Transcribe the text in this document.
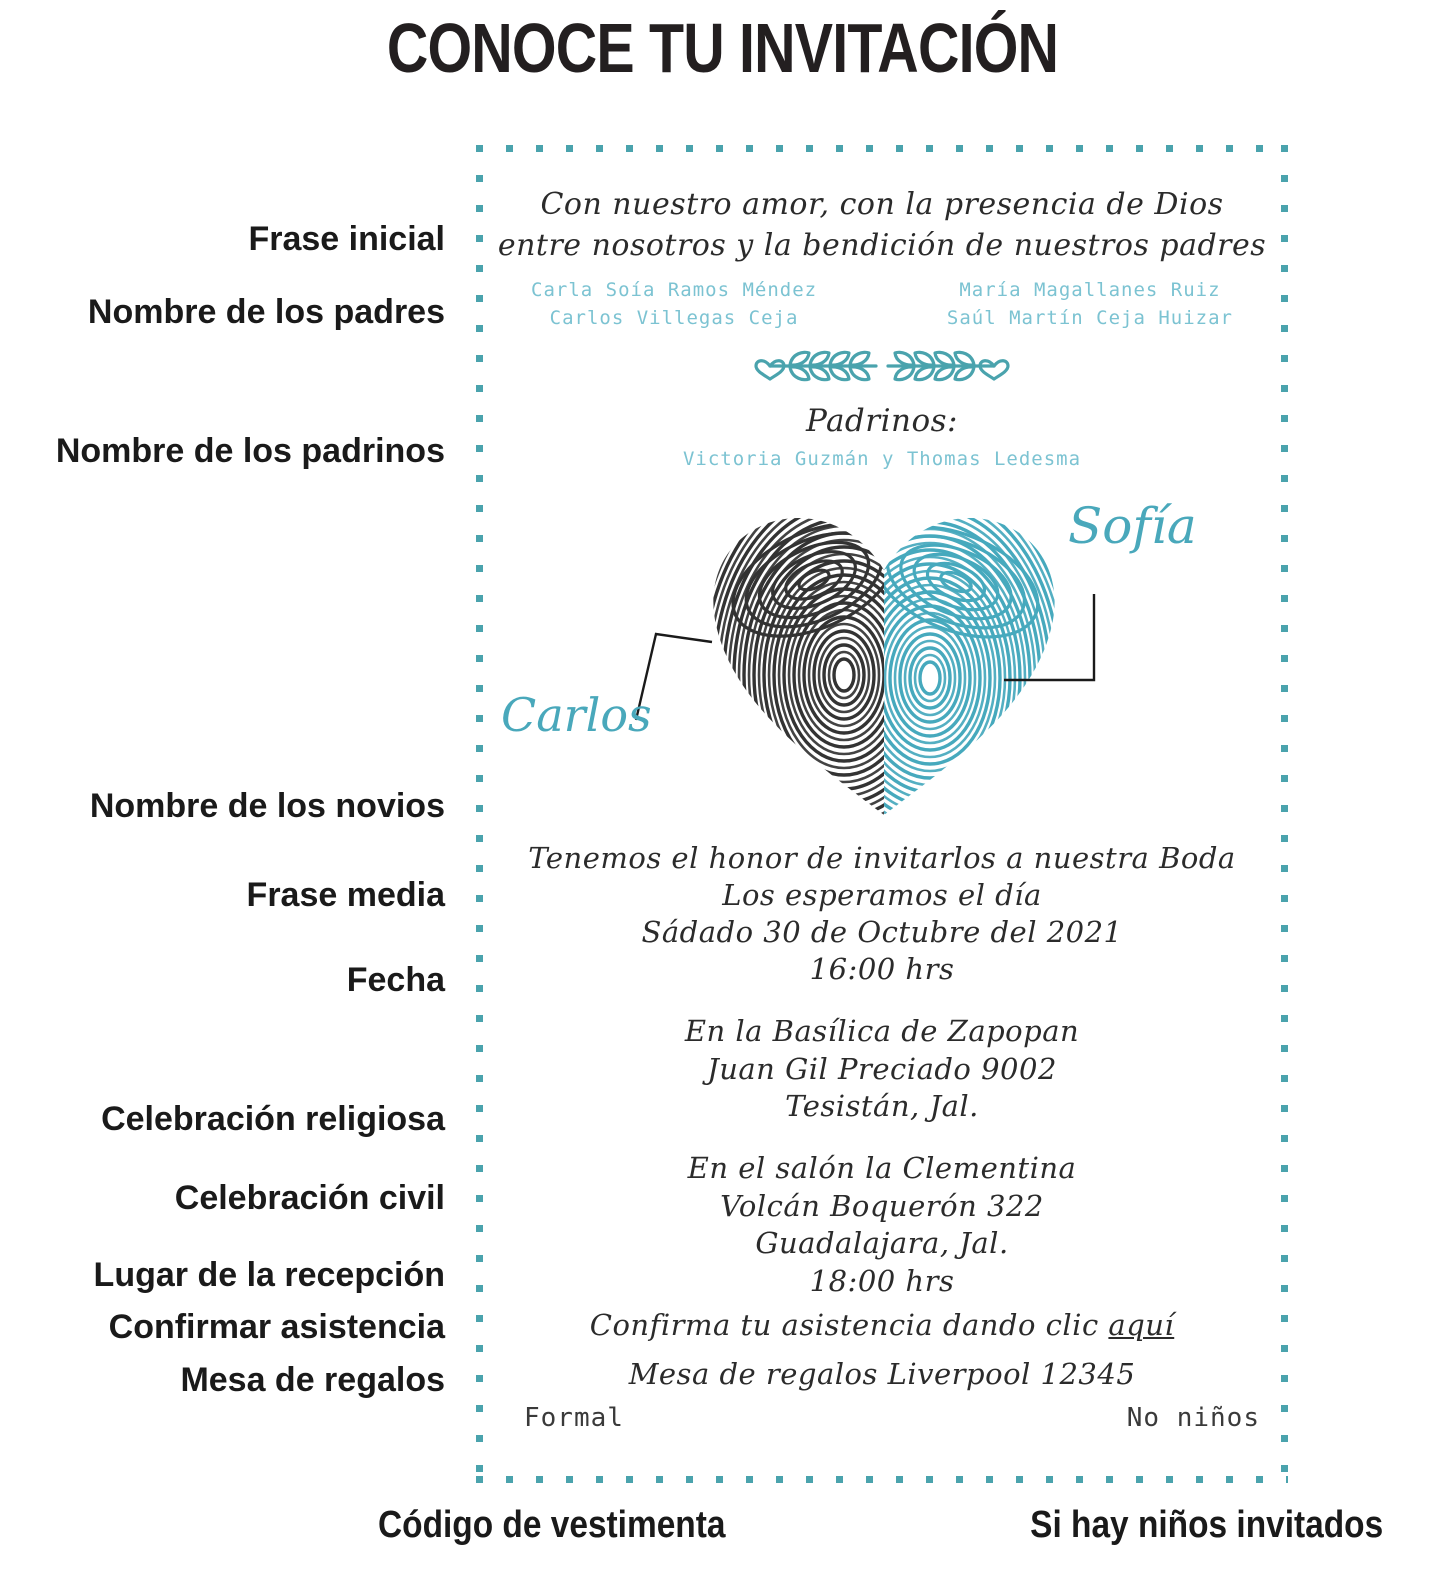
CONOCE TU INVITACIÓN
Con nuestro amor, con la presencia de Dios
entre nosotros y la bendición de nuestros padres
Carla Soía Ramos Méndez
Carlos Villegas Ceja
María Magallanes Ruiz
Saúl Martín Ceja Huizar
Padrinos:
Victoria Guzmán y Thomas Ledesma
Carlos
Sofía
Tenemos el honor de invitarlos a nuestra Boda
Los esperamos el día
Sádado 30 de Octubre del 2021
16:00 hrs
En la Basílica de Zapopan
Juan Gil Preciado 9002
Tesistán, Jal.
En el salón la Clementina
Volcán Boquerón 322
Guadalajara, Jal.
18:00 hrs
Confirma tu asistencia dando clic aquí
Mesa de regalos Liverpool 12345
Formal	No niños
Frase inicial
Nombre de los padres
Nombre de los padrinos
Nombre de los novios
Frase media
Fecha
Celebración religiosa
Celebración civil
Lugar de la recepción
Confirmar asistencia
Mesa de regalos
Código de vestimenta	Si hay niños invitados
